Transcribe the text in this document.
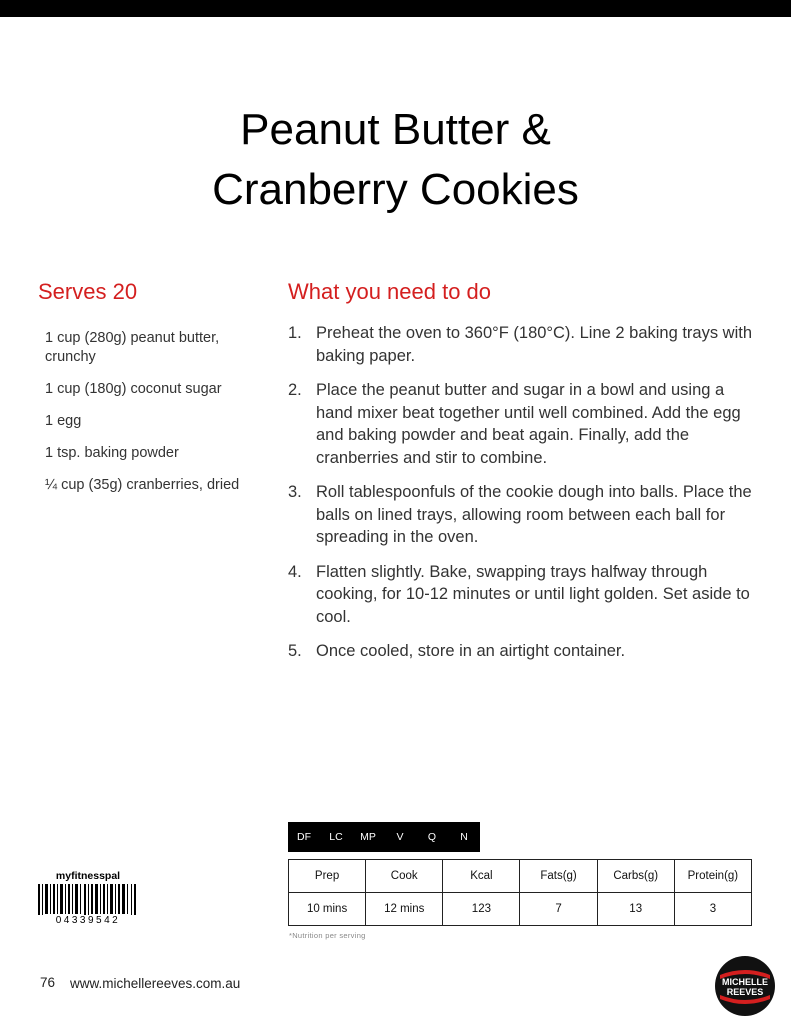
Peanut Butter &
Cranberry Cookies
Serves 20	What you need to do
1 cup (280g) peanut butter, crunchy
1 cup (180g) coconut sugar
1 egg
1 tsp. baking powder
¼ cup (35g) cranberries, dried
1. Preheat the oven to 360°F (180°C). Line 2 baking trays with baking paper.
2. Place the peanut butter and sugar in a bowl and using a hand mixer beat together until well combined. Add the egg and baking powder and beat again. Finally, add the cranberries and stir to combine.
3. Roll tablespoonfuls of the cookie dough into balls. Place the balls on lined trays, allowing room between each ball for spreading in the oven.
4. Flatten slightly. Bake, swapping trays halfway through cooking, for 10-12 minutes or until light golden. Set aside to cool.
5. Once cooled, store in an airtight container.
DF	LC	MP	V	Q	N
Prep	Cook	Kcal	Fats(g)	Carbs(g)	Protein(g)
10 mins	12 mins	123	7	13	3
*Nutrition per serving
myfitnesspal
04339542
76 www.michellereeves.com.au	MICHELLE
REEVES
